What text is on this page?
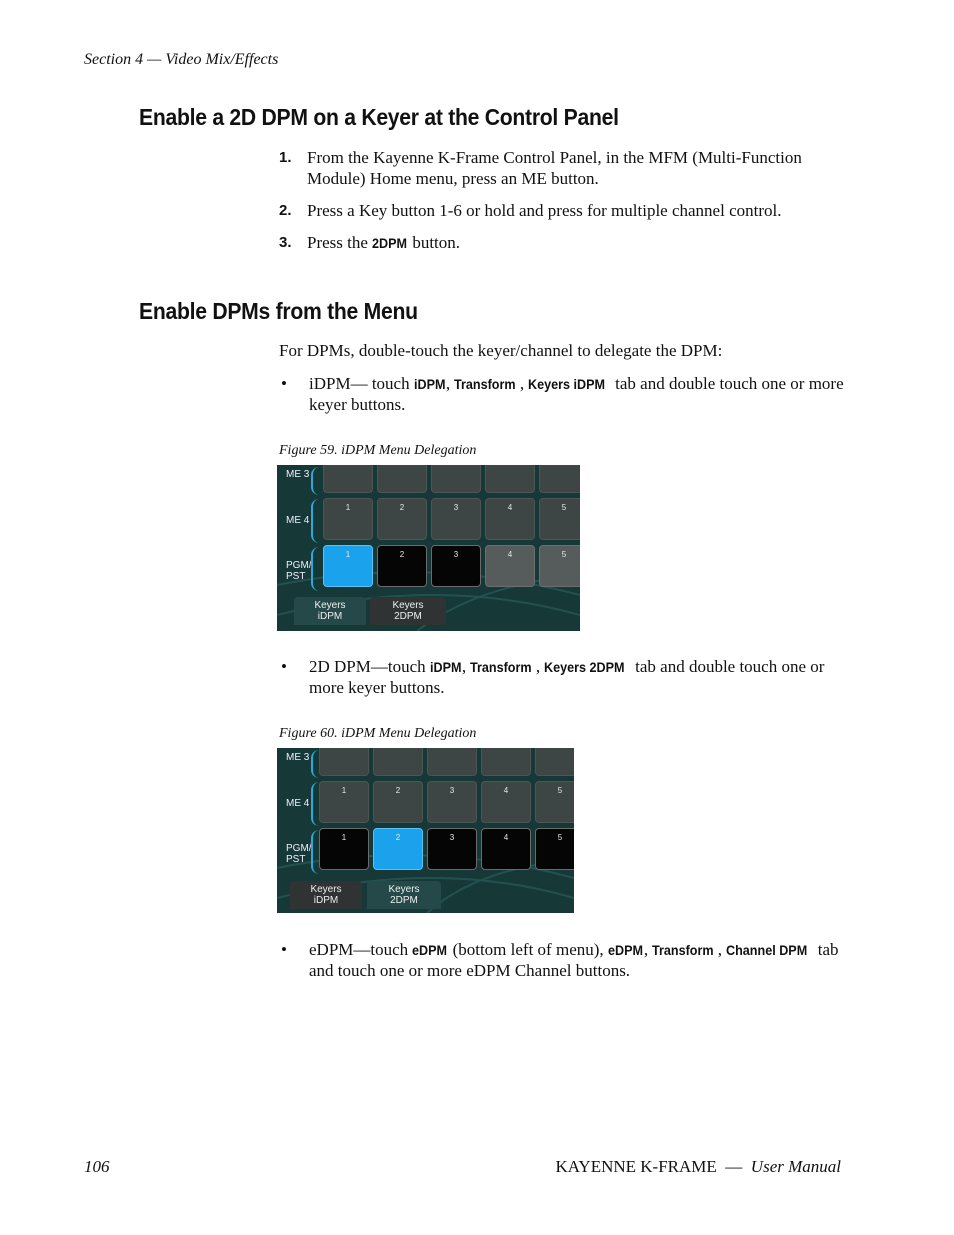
Section 4 — Video Mix/Effects
Enable a 2D DPM on a Keyer at the Control Panel
1. From the Kayenne K-Frame Control Panel, in the MFM (Multi-Function Module) Home menu, press an ME button.
2. Press a Key button 1-6 or hold and press for multiple channel control.
3. Press the 2DPM button.
Enable DPMs from the Menu
For DPMs, double-touch the keyer/channel to delegate the DPM:
•	iDPM— touch iDPM, Transform , Keyers iDPM tab and double touch one or more keyer buttons.
Figure 59. iDPM Menu Delegation
ME 3
ME 4
1	2	3	4	5
PGM/
PST
1	2	3	4	5
Keyers
iDPM
Keyers
2DPM
•	2D DPM—touch iDPM, Transform , Keyers 2DPM tab and double touch one or more keyer buttons.
Figure 60. iDPM Menu Delegation
ME 3
ME 4
1	2	3	4	5
PGM/
PST
1	2	3	4	5
Keyers
iDPM
Keyers
2DPM
•	eDPM—touch eDPM (bottom left of menu), eDPM, Transform , Channel DPM tab and touch one or more eDPM Channel buttons.
106	KAYENNE K-FRAME  —  User Manual
